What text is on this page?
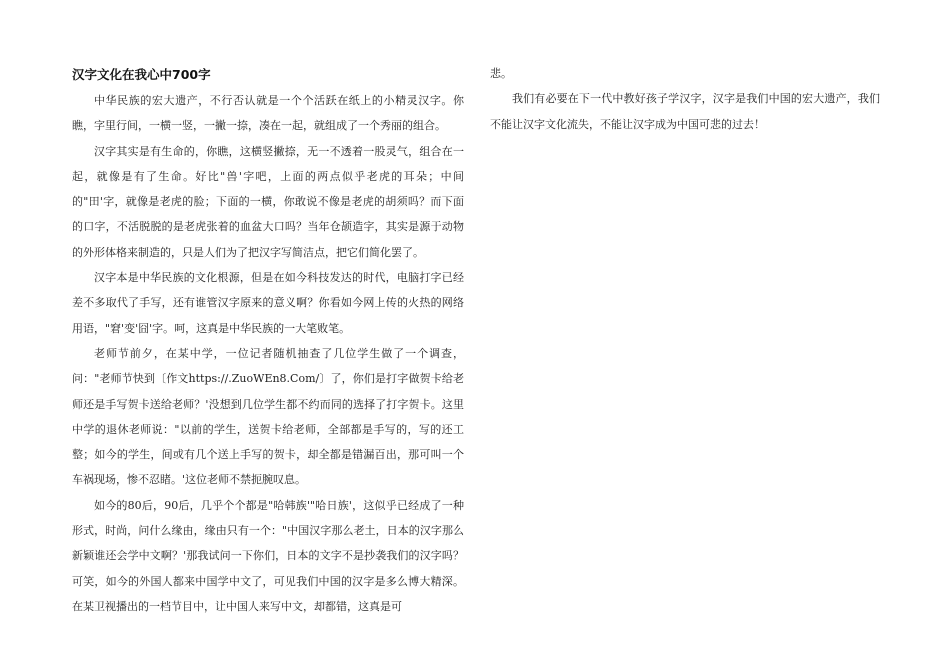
汉字文化在我心中700字

中华民族的宏大遗产，不行否认就是一个个活跃在纸上的小精灵汉字。你瞧，字里行间，一横一竖，一撇一捺，凑在一起，就组成了一个秀丽的组合。

汉字其实是有生命的，你瞧，这横竖撇捺，无一不透着一股灵气，组合在一起，就像是有了生命。好比"兽'字吧，上面的两点似乎老虎的耳朵；中间的"田'字，就像是老虎的脸；下面的一横，你敢说不像是老虎的胡须吗？而下面的口字，不活脱脱的是老虎张着的血盆大口吗？当年仓颉造字，其实是源于动物的外形体格来制造的，只是人们为了把汉字写简洁点，把它们简化罢了。

汉字本是中华民族的文化根源，但是在如今科技发达的时代，电脑打字已经差不多取代了手写，还有谁管汉字原来的意义啊？你看如今网上传的火热的网络用语，"窘'变'囧'字。呵，这真是中华民族的一大笔败笔。

老师节前夕，在某中学，一位记者随机抽查了几位学生做了一个调查，问："老师节快到〔作文https://.ZuoWEn8.Com/〕了，你们是打字做贺卡给老师还是手写贺卡送给老师？'没想到几位学生都不约而同的选择了打字贺卡。这里中学的退休老师说："以前的学生，送贺卡给老师，全部都是手写的，写的还工整；如今的学生，间或有几个送上手写的贺卡，却全都是错漏百出，那可叫一个车祸现场，惨不忍睹。'这位老师不禁扼腕叹息。

如今的80后，90后，几乎个个都是"哈韩族'"哈日族'，这似乎已经成了一种形式，时尚，问什么缘由，缘由只有一个："中国汉字那么老土，日本的汉字那么新颖谁还会学中文啊？'那我试问一下你们，日本的文字不是抄袭我们的汉字吗？可笑，如今的外国人都来中国学中文了，可见我们中国的汉字是多么博大精深。在某卫视播出的一档节目中，让中国人来写中文，却都错，这真是可

悲。

我们有必要在下一代中教好孩子学汉字，汉字是我们中国的宏大遗产，我们不能让汉字文化流失，不能让汉字成为中国可悲的过去！
